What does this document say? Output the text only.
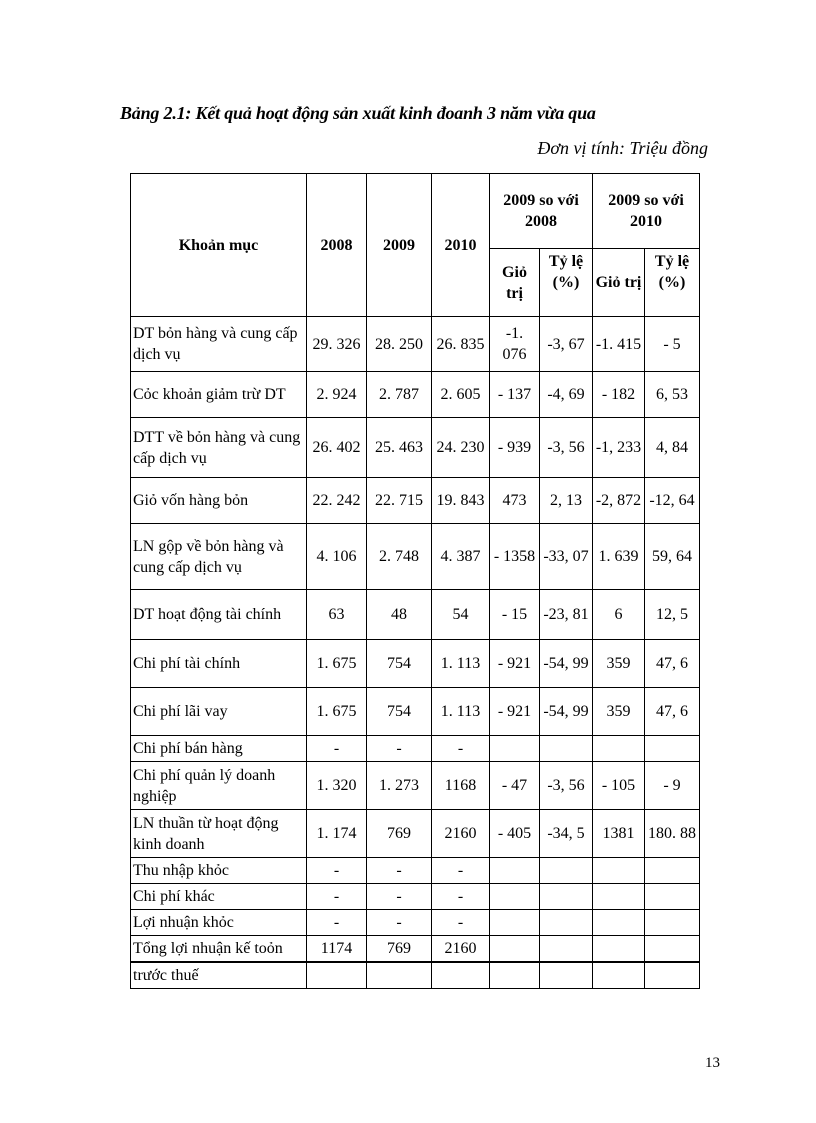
Bảng 2.1: Kết quả hoạt động sản xuất kinh đoanh 3 năm vừa qua
Đơn vị tính: Triệu đồng
Khoản mục	2008	2009	2010	2009 so với 2008		2009 so với 2010	
				Giỏ trị	Tỷ lệ (%)	Giỏ trị	Tỷ lệ (%)
DT bỏn hàng và cung cấp dịch vụ	29. 326	28. 250	26. 835	-1. 076	-3, 67	-1. 415	- 5
Cỏc khoản giảm trừ DT	2. 924	2. 787	2. 605	- 137	-4, 69	- 182	6, 53
DTT về bỏn hàng và cung cấp dịch vụ	26. 402	25. 463	24. 230	- 939	-3, 56	-1, 233	4, 84
Giỏ vốn hàng bỏn	22. 242	22. 715	19. 843	473	2, 13	-2, 872	-12, 64
LN gộp về bỏn hàng và cung cấp dịch vụ	4. 106	2. 748	4. 387	- 1358	-33, 07	1. 639	59, 64
DT hoạt động tài chính	63	48	54	- 15	-23, 81	6	12, 5
Chi phí tài chính	1. 675	754	1. 113	- 921	-54, 99	359	47, 6
Chi phí lãi vay	1. 675	754	1. 113	- 921	-54, 99	359	47, 6
Chi phí bán hàng	-	-	-				
Chi phí quản lý doanh nghiệp	1. 320	1. 273	1168	- 47	-3, 56	- 105	- 9
LN thuần từ hoạt động kinh doanh	1. 174	769	2160	- 405	-34, 5	1381	180. 88
Thu nhập khỏc	-	-	-				
Chi phí khác	-	-	-				
Lợi nhuận khỏc	-	-	-				
Tổng lợi nhuận kế toỏn	1174	769	2160				
trước thuế							
13
